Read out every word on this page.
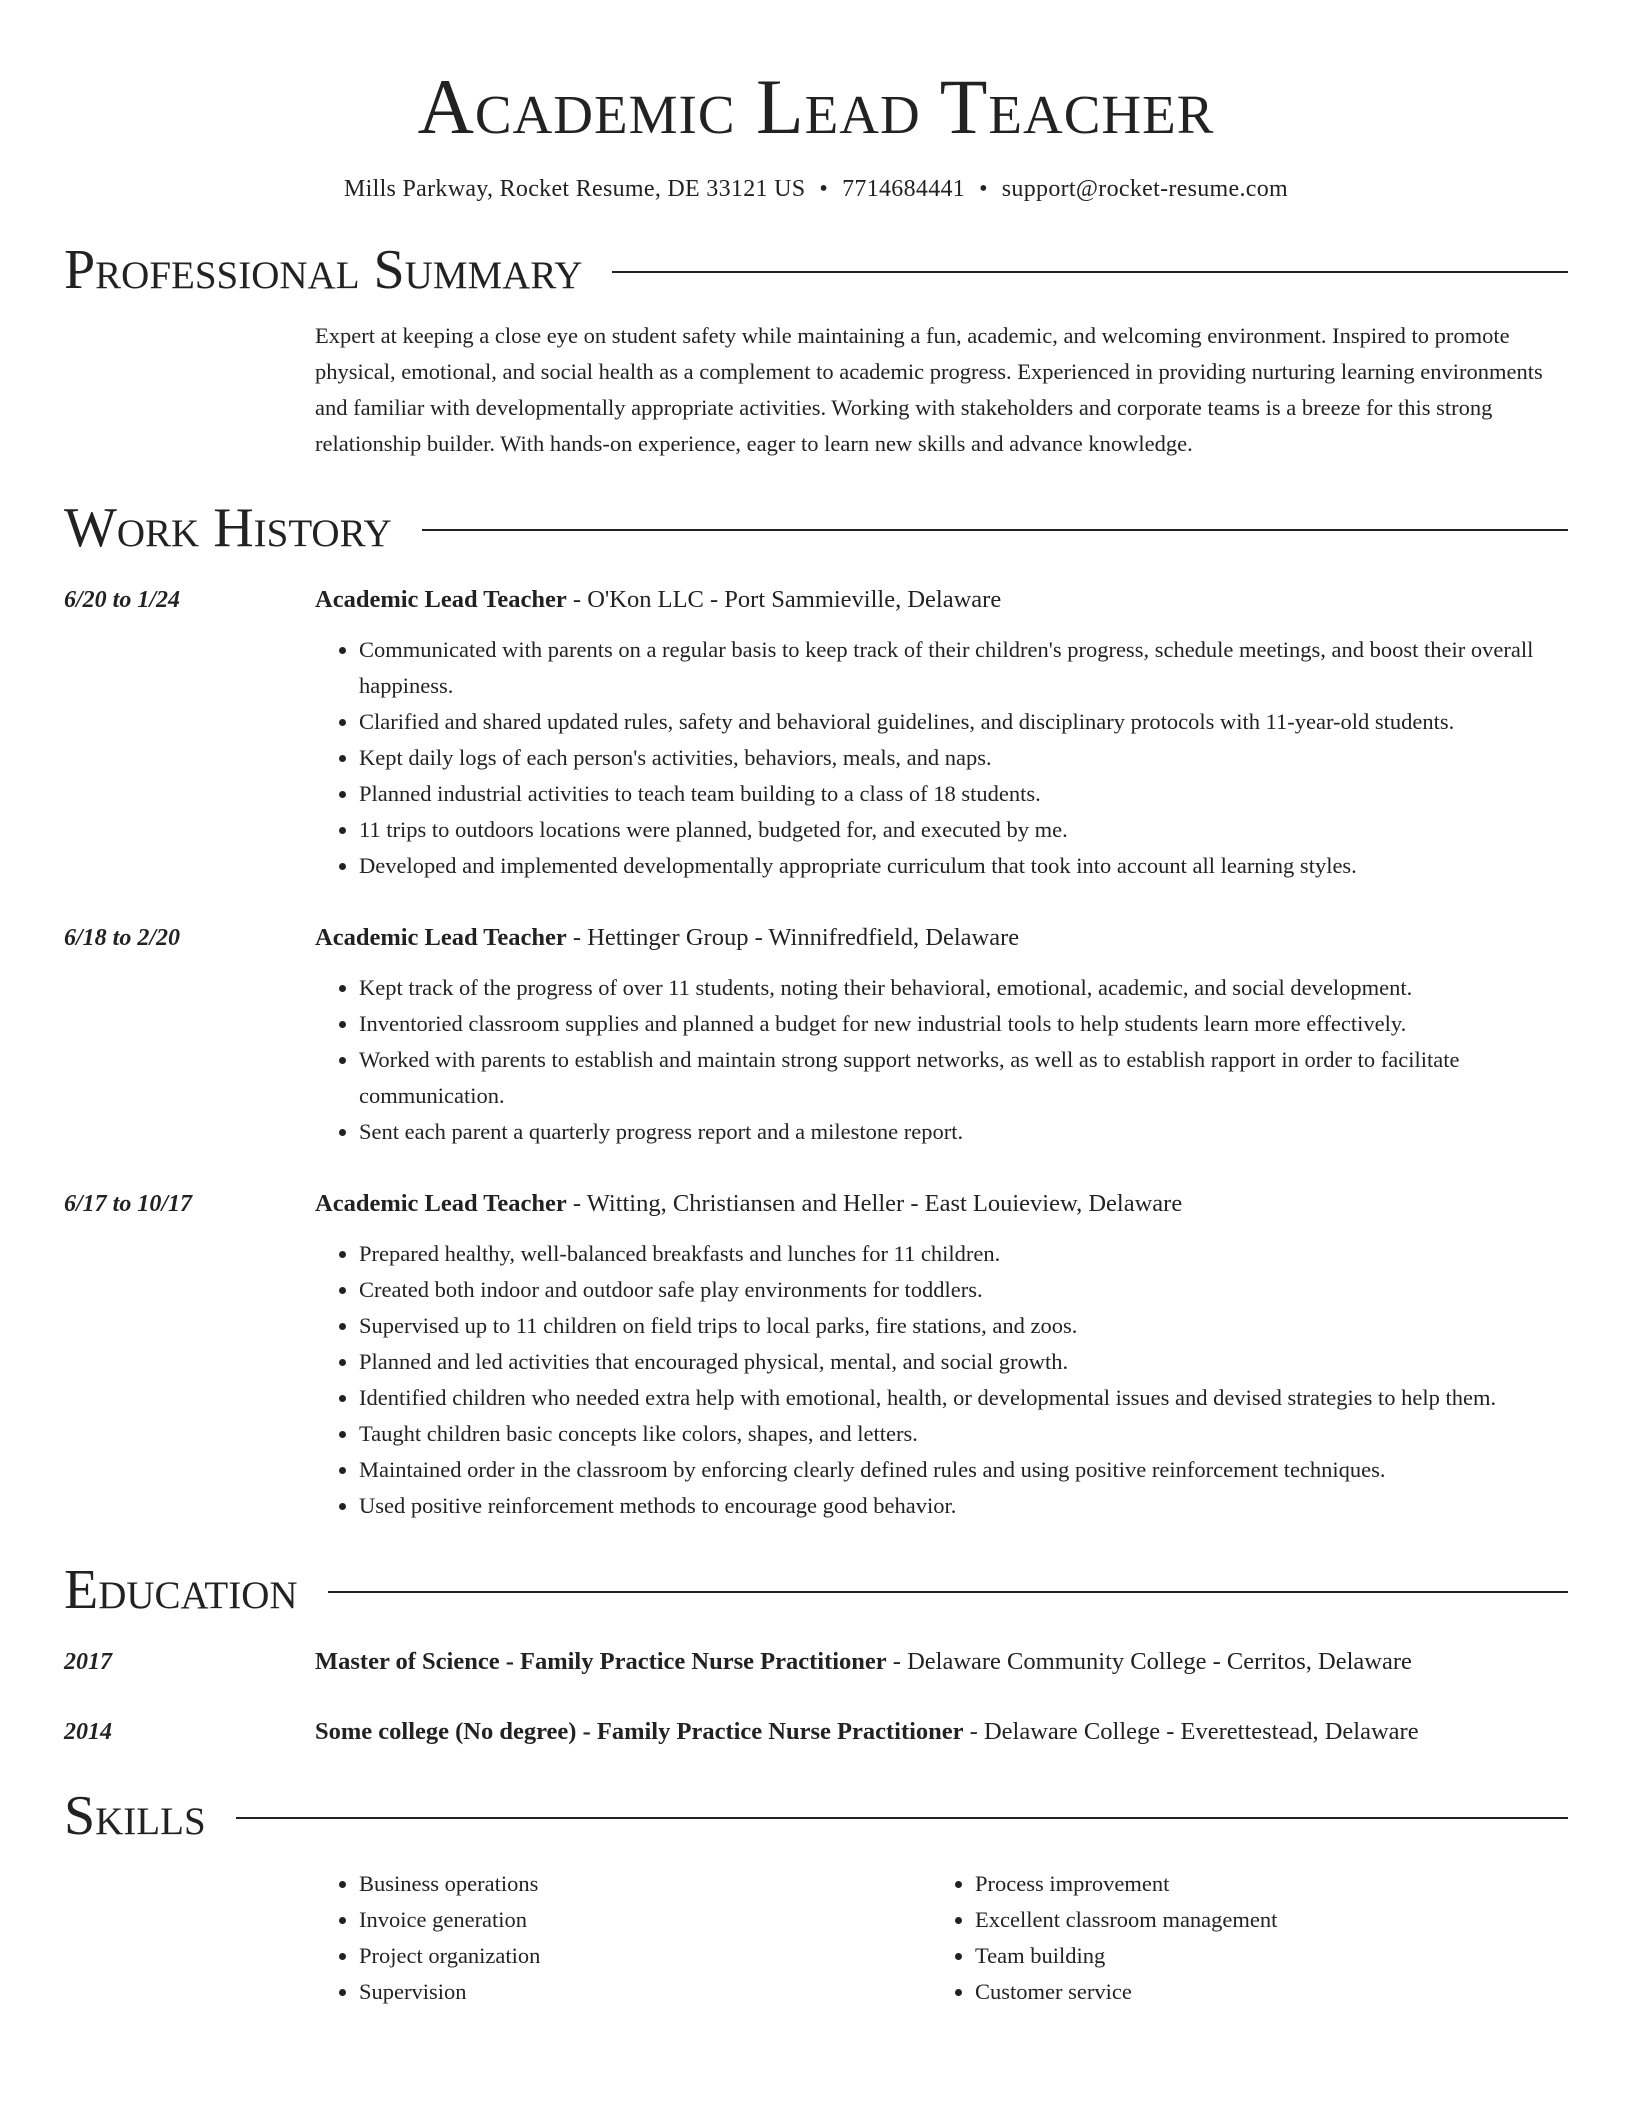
Academic Lead Teacher
Mills Parkway, Rocket Resume, DE 33121 US • 7714684441 • support@rocket-resume.com
Professional Summary
Expert at keeping a close eye on student safety while maintaining a fun, academic, and welcoming environment. Inspired to promote physical, emotional, and social health as a complement to academic progress. Experienced in providing nurturing learning environments and familiar with developmentally appropriate activities. Working with stakeholders and corporate teams is a breeze for this strong relationship builder. With hands-on experience, eager to learn new skills and advance knowledge.
Work History
6/20 to 1/24	Academic Lead Teacher - O'Kon LLC - Port Sammieville, Delaware
• Communicated with parents on a regular basis to keep track of their children's progress, schedule meetings, and boost their overall happiness.
• Clarified and shared updated rules, safety and behavioral guidelines, and disciplinary protocols with 11-year-old students.
• Kept daily logs of each person's activities, behaviors, meals, and naps.
• Planned industrial activities to teach team building to a class of 18 students.
• 11 trips to outdoors locations were planned, budgeted for, and executed by me.
• Developed and implemented developmentally appropriate curriculum that took into account all learning styles.
6/18 to 2/20	Academic Lead Teacher - Hettinger Group - Winnifredfield, Delaware
• Kept track of the progress of over 11 students, noting their behavioral, emotional, academic, and social development.
• Inventoried classroom supplies and planned a budget for new industrial tools to help students learn more effectively.
• Worked with parents to establish and maintain strong support networks, as well as to establish rapport in order to facilitate communication.
• Sent each parent a quarterly progress report and a milestone report.
6/17 to 10/17	Academic Lead Teacher - Witting, Christiansen and Heller - East Louieview, Delaware
• Prepared healthy, well-balanced breakfasts and lunches for 11 children.
• Created both indoor and outdoor safe play environments for toddlers.
• Supervised up to 11 children on field trips to local parks, fire stations, and zoos.
• Planned and led activities that encouraged physical, mental, and social growth.
• Identified children who needed extra help with emotional, health, or developmental issues and devised strategies to help them.
• Taught children basic concepts like colors, shapes, and letters.
• Maintained order in the classroom by enforcing clearly defined rules and using positive reinforcement techniques.
• Used positive reinforcement methods to encourage good behavior.
Education
2017	Master of Science - Family Practice Nurse Practitioner - Delaware Community College - Cerritos, Delaware
2014	Some college (No degree) - Family Practice Nurse Practitioner - Delaware College - Everettestead, Delaware
Skills
• Business operations
• Invoice generation
• Project organization
• Supervision
• Process improvement
• Excellent classroom management
• Team building
• Customer service
